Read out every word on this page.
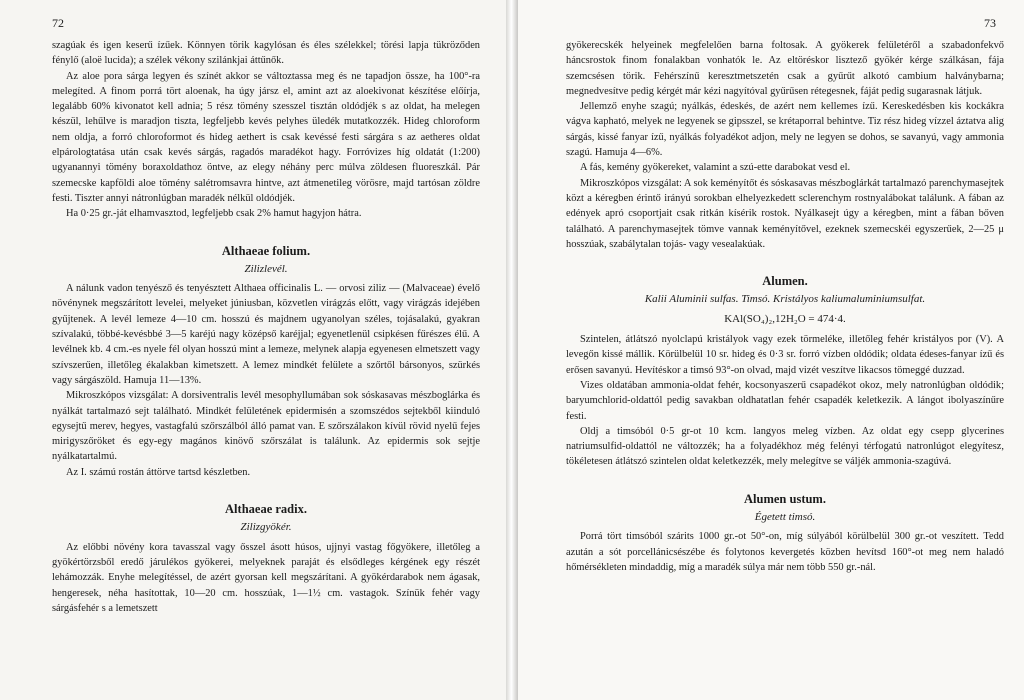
72

szagúak és igen keserű ízűek. Könnyen törik kagylósan és éles szélekkel; törési lapja tükröződen fénylő (aloë lucida); a szélek vékony szilánkjai áttűnők.

Az aloe pora sárga legyen és színét akkor se változtassa meg és ne tapadjon össze, ha 100°-ra melegíted. A finom porrá tört aloenak, ha úgy jársz el, amint azt az aloekivonat készítése előírja, legalább 60% kivonatot kell adnia; 5 rész tömény szesszel tisztán oldódjék s az oldat, ha melegen készül, lehűlve is maradjon tiszta, legfeljebb kevés pelyhes üledék mutatkozzék. Hideg chloroform nem oldja, a forró chloroformot és hideg aethert is csak kevéssé festi sárgára s az aetheres oldat elpárologtatása után csak kevés sárgás, ragadós maradékot hagy. Forróvizes híg oldatát (1:200) ugyanannyi tömény boraxoldathoz öntve, az elegy néhány perc múlva zöldesen fluoreszkál. Pár szemecske kapföldi aloe tömény salétromsavra hintve, azt átmenetileg vörösre, majd tartósan zöldre festi. Tiszter annyi nátronlúgban maradék nélkül oldódjék.

Ha 0·25 gr.-ját elhamvasztod, legfeljebb csak 2% hamut hagyjon hátra.

Althaeae folium.
Zilizlevél.

A nálunk vadon tenyésző és tenyésztett Althaea officinalis L. — orvosi ziliz — (Malvaceae) évelő növénynek megszárított levelei, melyeket júniusban, közvetlen virágzás előtt, vagy virágzás idejében gyűjtenek. A levél lemeze 4—10 cm. hosszú és majdnem ugyanolyan széles, tojásalakú, gyakran szívalakú, többé-kevésbbé 3—5 karéjú nagy középső karéjjal; egyenetlenül csipkésen fűrészes élű. A levélnek kb. 4 cm.-es nyele fél olyan hosszú mint a lemeze, melynek alapja egyenesen elmetszett vagy szívszerűen, illetőleg ékalakban kimetszett. A lemez mindkét felülete a szőrtől bársonyos, szürkés vagy sárgászöld. Hamuja 11—13%.

Mikroszkópos vizsgálat: A dorsiventralis levél mesophyllumában sok sóskasavas mészboglárka és nyálkát tartalmazó sejt található. Mindkét felületének epidermisén a szomszédos sejtekből kiinduló egysejtű merev, hegyes, vastagfalú szőrszálból álló pamat van. E szőrszálakon kívül rövid nyelű fejes mirigyszőröket és egy-egy magános kinövő szőrszálat is találunk. Az epidermis sok sejtje nyálkatartalmú.

Az I. számú rostán áttörve tartsd készletben.

Althaeae radix.
Zilizgyökér.

Az előbbi növény kora tavasszal vagy ősszel ásott húsos, ujjnyi vastag főgyökere, illetőleg a gyökértörzsből eredő járulékos gyökerei, melyeknek paraját és elsődleges kérgének egy részét lehámozzák. Enyhe melegítéssel, de azért gyorsan kell megszárítani. A gyökérdarabok nem ágasak, hengeresek, néha hasítottak, 10—20 cm. hosszúak, 1—1½ cm. vastagok. Színük fehér vagy sárgásfehér s a lemetszett

73

gyökerecskék helyeinek megfelelően barna foltosak. A gyökerek felületéről a szabadonfekvő háncsrostok finom fonalakban vonhatók le. Az eltöréskor lisztező gyökér kérge szálkásan, fája szemcsésen törik. Fehérszínű keresztmetszetén csak a gyűrűt alkotó cambium halványbarna; megnedvesítve pedig kérgét már kézi nagyítóval gyűrűsen rétegesnek, fáját pedig sugarasnak látjuk.

Jellemző enyhe szagú; nyálkás, édeskés, de azért nem kellemes ízű. Kereskedésben kis kockákra vágva kapható, melyek ne legyenek se gipsszel, se krétaporral behintve. Tiz rész hideg vízzel áztatva alig sárgás, kissé fanyar ízű, nyálkás folyadékot adjon, mely ne legyen se dohos, se savanyú, vagy ammonia szagú. Hamuja 4—6%.

A fás, kemény gyökereket, valamint a szú-ette darabokat vesd el.

Mikroszkópos vizsgálat: A sok keményítőt és sóskasavas mészboglárkát tartalmazó parenchymasejtek közt a kéregben érintő irányú sorokban elhelyezkedett sclerenchym rostnyalábokat találunk. A fában az edények apró csoportjait csak ritkán kísérik rostok. Nyálkasejt úgy a kéregben, mint a fában bőven található. A parenchymasejtek tömve vannak keményítővel, ezeknek szemecskéi egyszerűek, 2—25 μ hosszúak, szabálytalan tojás- vagy vesealakúak.

Alumen.
Kalii Aluminii sulfas. Timsó. Kristályos kaliumaluminiumsulfat.
KAl(SO₄)₂,12H₂O = 474·4.

Szintelen, átlátszó nyolclapú kristályok vagy ezek törmeléke, illetőleg fehér kristályos por (V). A levegőn kissé mállik. Körülbelül 10 sr. hideg és 0·3 sr. forró vízben oldódik; oldata édeses-fanyar ízű és erősen savanyú. Hevítéskor a timsó 93°-on olvad, majd vizét veszítve likacsos tömeggé duzzad.

Vizes oldatában ammonia-oldat fehér, kocsonyaszerű csapadékot okoz, mely natronlúgban oldódik; baryumchlorid-oldattól pedig savakban oldhatatlan fehér csapadék keletkezik. A lángot ibolyaszínűre festi.

Oldj a timsóból 0·5 gr-ot 10 kcm. langyos meleg vízben. Az oldat egy csepp glycerines natriumsulfid-oldattól ne változzék; ha a folyadékhoz még felényi térfogatú natronlúgot elegyítesz, tökéletesen átlátszó szintelen oldat keletkezzék, mely melegítve se váljék ammonia-szagúvá.

Alumen ustum.
Égetett timsó.

Porrá tört timsóból szárits 1000 gr.-ot 50°-on, míg súlyából körülbelül 300 gr.-ot veszített. Tedd azután a sót porcellánicsészébe és folytonos kevergetés közben hevítsd 160°-ot meg nem haladó hőmérsékleten mindaddig, míg a maradék súlya már nem több 550 gr.-nál.
